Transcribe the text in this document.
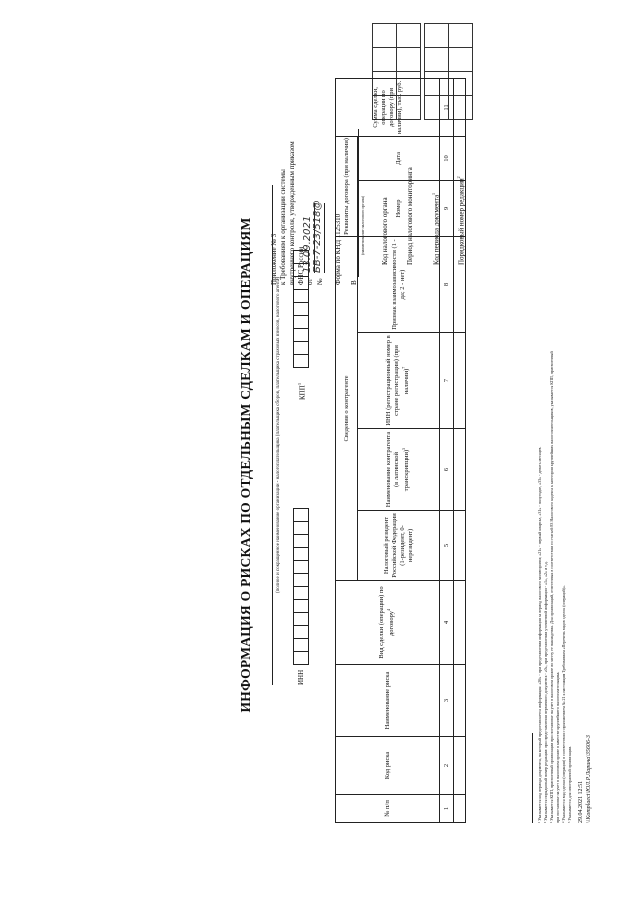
Приложение № 3 к Требованиям к организации системы внутреннего контроля, утвержденным приказом ФНС России от
13.09.2021
№
БВ-7-23/518@ Форма по КНД 1125310 В
(наименование налогового органа) Код налогового органа Период налогового мониторинга	Код периода документа$^1$	Порядковый номер редакции$^2$
ИНФОРМАЦИЯ О РИСКАХ ПО ОТДЕЛЬНЫМ СДЕЛКАМ И ОПЕРАЦИЯМ	(полное и сокращенное наименование организации - налогоплательщика (плательщика сборов, плательщика страховых взносов, налогового агента)
ИНН
КПП$^3$
№ п/п	Код риска	Наименование риска	Вид сделки (операции) по договору$^4$	Сведения о контрагенте				Реквизиты договора (при наличии)		Сумма сделки, операции по договору (при наличии), тыс. руб.
				Налоговый резидент Российской Федерации (1-резидент, 0-нерезидент)	Наименование контрагента (в латинской транскрипции)$^5$	ИНН (регистрационный номер в стране регистрации) (при наличии)$^7$	Признак взаимозависимости (1 - да; 2 - нет)	Номер	Дата	
1	2	3	4	5	6	7	8	9	10	11

¹ Указывается код периода документа, на который предоставляется информация: «26» - при представлении информации за период налогового мониторинга; «21» - первый квартал, «31» - полугодие, «33» - девять месяцев. ² Указывается порядковый номер редакции: при представлении первичного документа - «0», при представлении уточненной информации - «1», «2» и т.д. ³ Указывается КПП, присвоенный организации при постановке на учет в налоговом органе по месту ее нахождения. Для организаций, отнесенных в соответствии со статьей 83 Налогового кодекса к категории крупнейших налогоплательщиков, указывается КПП, присвоенный при постановке на учет в налоговом органе в качестве крупнейшего налогоплательщика. ⁴ Указывается вид сделки (операции) в соответствии с приложением № 21 к настоящим Требованиям «Перечень видов сделок (операций)». ⁵ Указывается для иностранной организации. 29.04.2021 12:51 \\Komplaect\ЮЛ.Р.Ларина\35606-3
